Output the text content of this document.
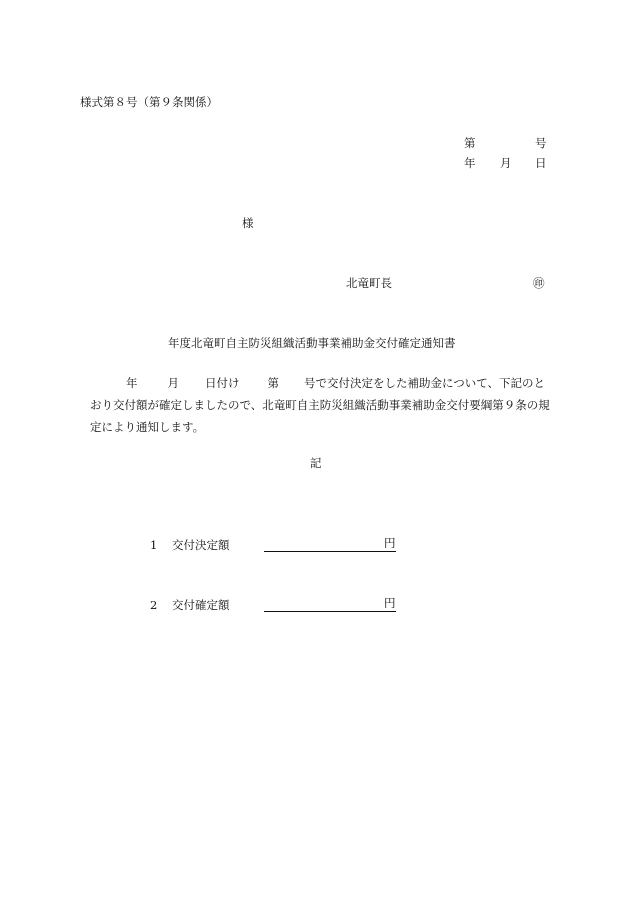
様式第８号（第９条関係）
第	号
年 月 日
様
北竜町長	㊞
年度北竜町自主防災組織活動事業補助金交付確定通知書
年	月 日付け 第 号で交付決定をした補助金について、下記のとおり交付額が確定しましたので、北竜町自主防災組織活動事業補助金交付要綱第９条の規定により通知します。
記
1	交付決定額	円
2	交付確定額	円
